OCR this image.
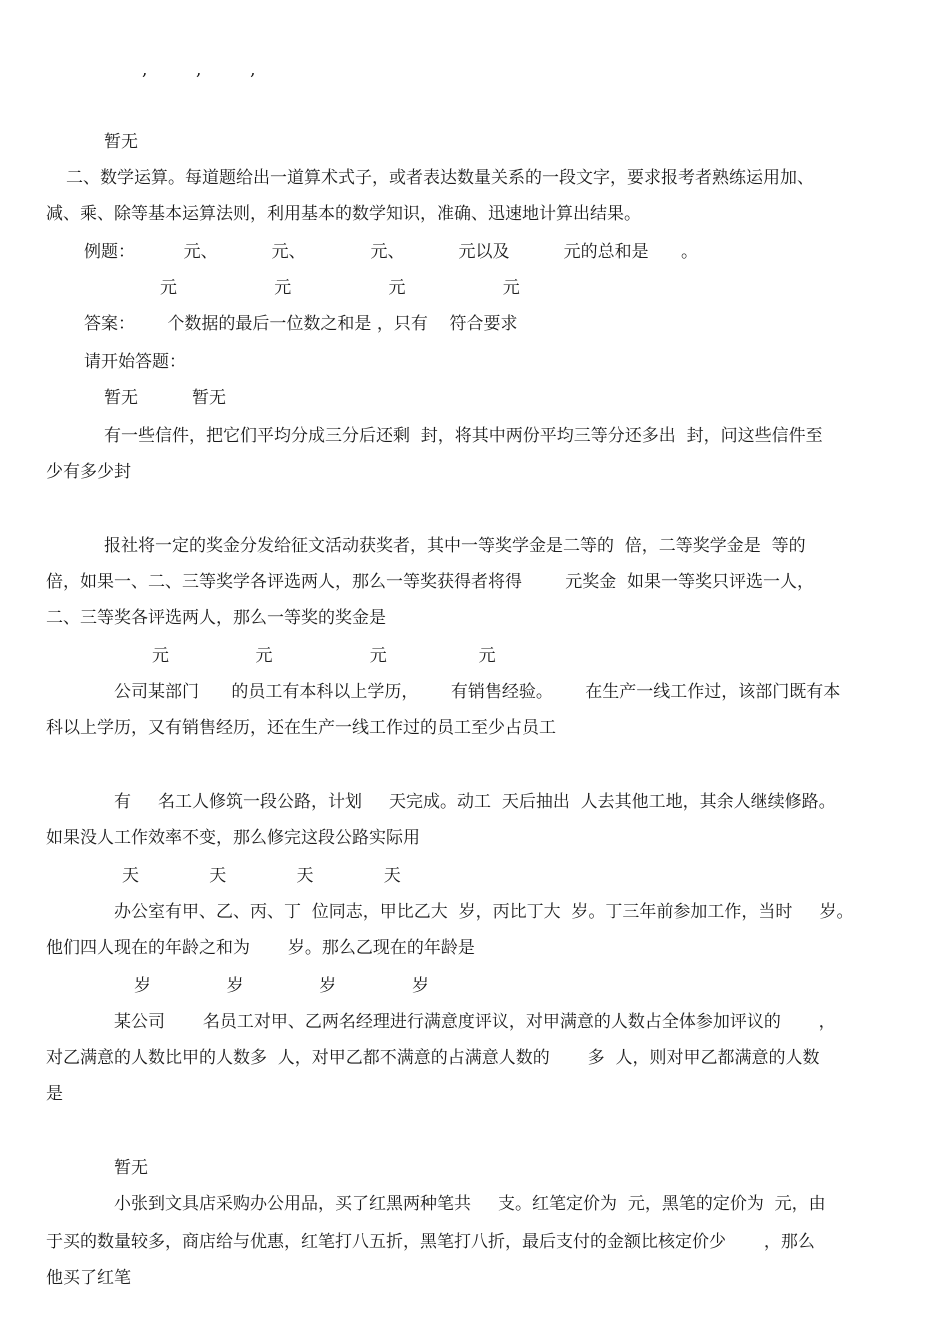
,         ,         ,
暂无
二、数学运算。每道题给出一道算术式子，或者表达数量关系的一段文字，要求报考者熟练运用加、
减、乘、除等基本运算法则，利用基本的数学知识，准确、迅速地计算出结果。
例题：         元、          元、            元、          元以及          元的总和是      。
元                  元                  元                  元
答案：      个数据的最后一位数之和是 ，只有    符合要求
请开始答题：
暂无          暂无
有一些信件，把它们平均分成三分后还剩  封，将其中两份平均三等分还多出  封，问这些信件至
少有多少封
报社将一定的奖金分发给征文活动获奖者，其中一等奖学金是二等的  倍，二等奖学金是  等的
倍，如果一、二、三等奖学各评选两人，那么一等奖获得者将得        元奖金  如果一等奖只评选一人，
二、三等奖各评选两人，那么一等奖的奖金是
元                元                  元                 元
公司某部门      的员工有本科以上学历，      有销售经验。      在生产一线工作过，该部门既有本
科以上学历，又有销售经历，还在生产一线工作过的员工至少占员工
有     名工人修筑一段公路，计划     天完成。动工  天后抽出  人去其他工地，其余人继续修路。
如果没人工作效率不变，那么修完这段公路实际用
天             天             天             天
办公室有甲、乙、丙、丁  位同志，甲比乙大  岁，丙比丁大  岁。丁三年前参加工作，当时     岁。
他们四人现在的年龄之和为       岁。那么乙现在的年龄是
岁              岁              岁              岁
某公司       名员工对甲、乙两名经理进行满意度评议，对甲满意的人数占全体参加评议的       ，
对乙满意的人数比甲的人数多  人，对甲乙都不满意的占满意人数的       多  人，则对甲乙都满意的人数
是
暂无
小张到文具店采购办公用品，买了红黑两种笔共     支。红笔定价为  元，黑笔的定价为  元，由
于买的数量较多，商店给与优惠，红笔打八五折，黑笔打八折，最后支付的金额比核定价少       ，那么
他买了红笔
